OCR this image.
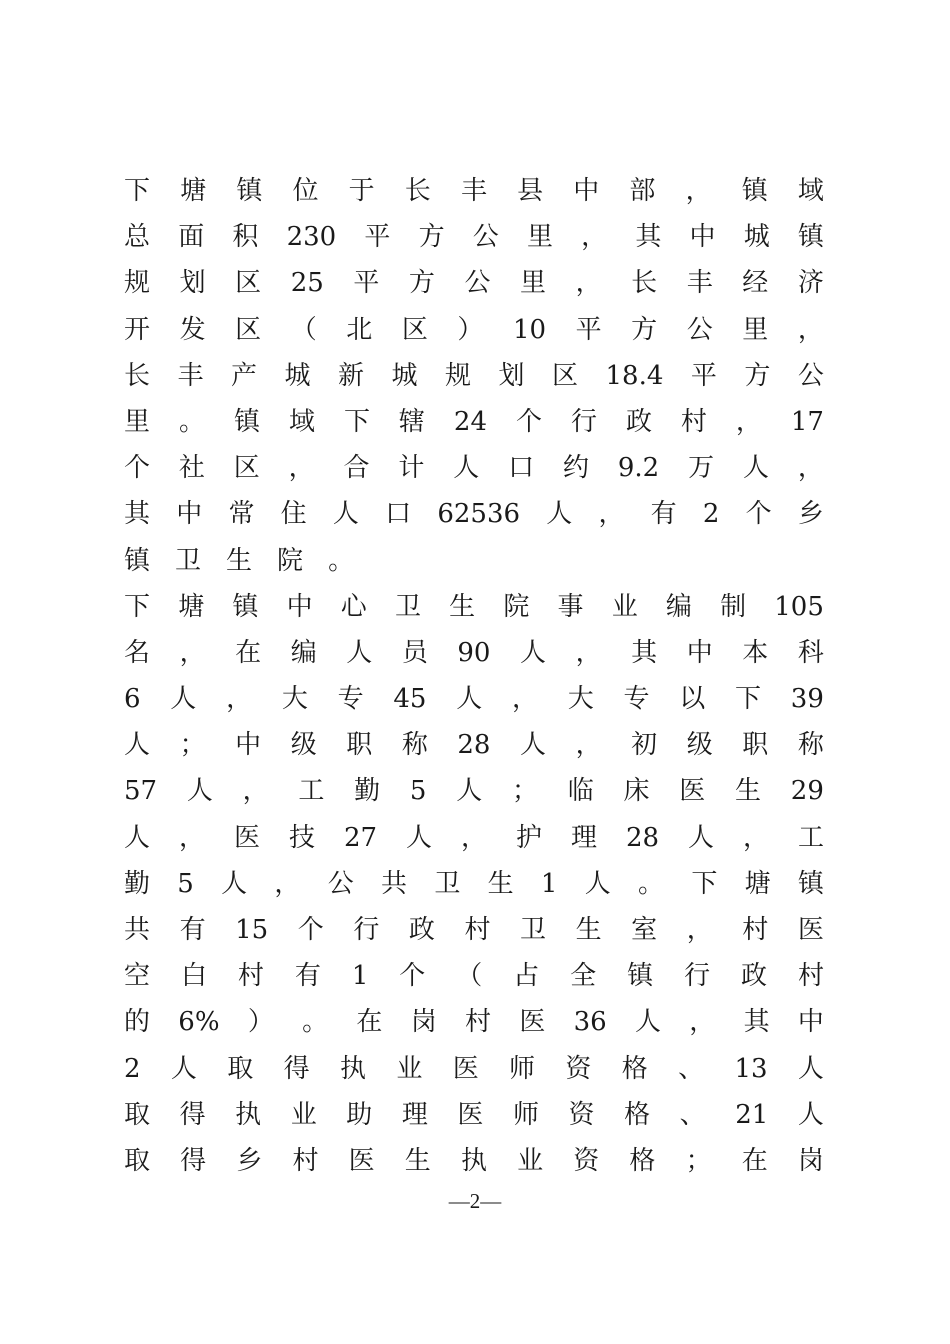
下 塘 镇 位 于 长 丰 县 中 部 ， 镇 域
总 面 积 230 平 方 公 里 ， 其 中 城 镇
规 划 区 25 平 方 公 里 ， 长 丰 经 济
开 发 区 （ 北 区 ） 10 平 方 公 里 ，
长 丰 产 城 新 城 规 划 区 18.4 平 方 公
里 。 镇 域 下 辖 24 个 行 政 村 ， 17
个 社 区 ， 合 计 人 口 约 9.2 万 人 ，
其 中 常 住 人 口 62536 人 ， 有 2 个 乡
镇 卫 生 院 。
下 塘 镇 中 心 卫 生 院 事 业 编 制 105
名 ， 在 编 人 员 90 人 ， 其 中 本 科
6 人 ， 大 专 45 人 ， 大 专 以 下 39
人 ； 中 级 职 称 28 人 ， 初 级 职 称
57 人 ， 工 勤 5 人 ； 临 床 医 生 29
人 ， 医 技 27 人 ， 护 理 28 人 ， 工
勤 5 人 ， 公 共 卫 生 1 人 。 下 塘 镇
共 有 15 个 行 政 村 卫 生 室 ， 村 医
空 白 村 有 1 个 （ 占 全 镇 行 政 村
的 6% ） 。 在 岗 村 医 36 人 ， 其 中
2 人 取 得 执 业 医 师 资 格 、 13 人
取 得 执 业 助 理 医 师 资 格 、 21 人
取 得 乡 村 医 生 执 业 资 格 ； 在 岗
—2—
